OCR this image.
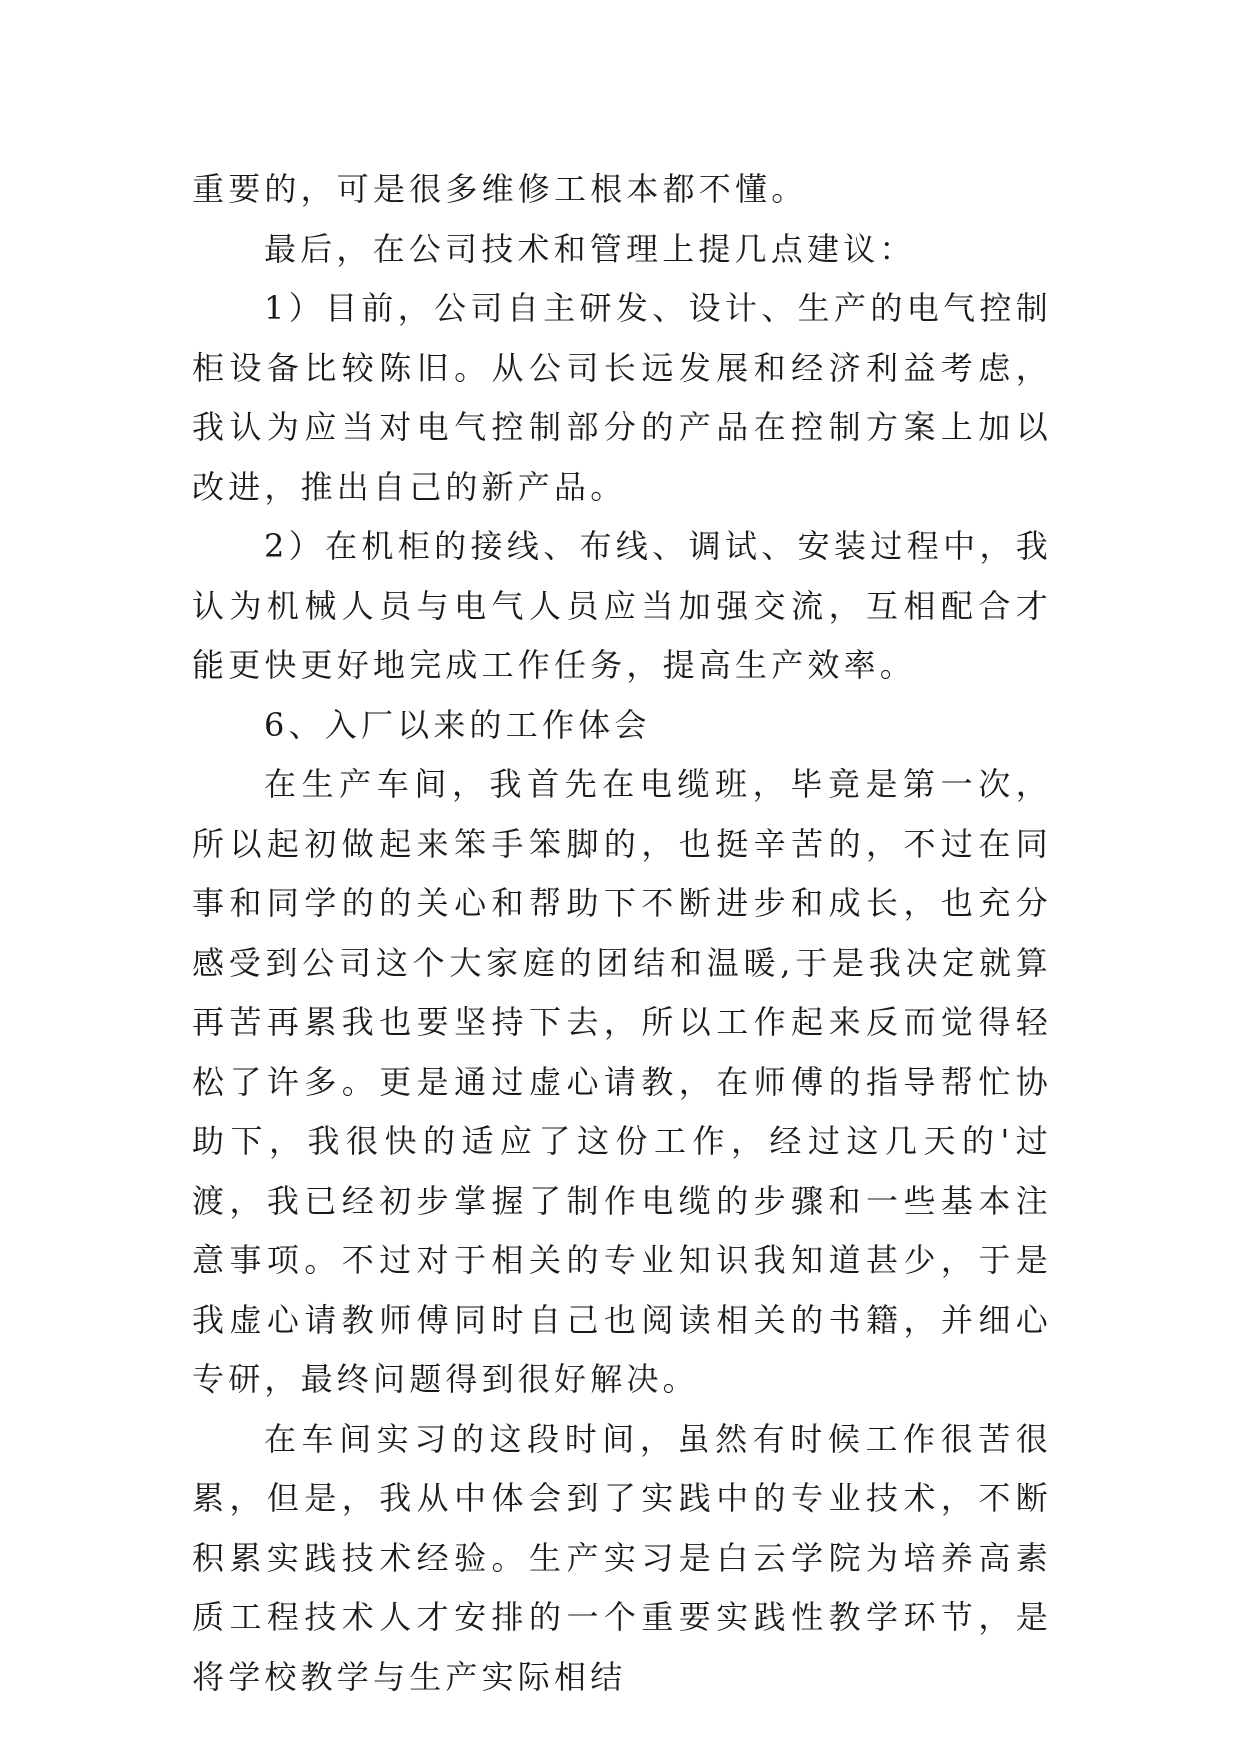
重要的，可是很多维修工根本都不懂。

最后，在公司技术和管理上提几点建议：

1）目前，公司自主研发、设计、生产的电气控制柜设备比较陈旧。从公司长远发展和经济利益考虑，我认为应当对电气控制部分的产品在控制方案上加以改进，推出自己的新产品。

2）在机柜的接线、布线、调试、安装过程中，我认为机械人员与电气人员应当加强交流，互相配合才能更快更好地完成工作任务，提高生产效率。

6、入厂以来的工作体会

在生产车间，我首先在电缆班，毕竟是第一次，所以起初做起来笨手笨脚的，也挺辛苦的，不过在同事和同学的的关心和帮助下不断进步和成长，也充分感受到公司这个大家庭的团结和温暖,于是我决定就算再苦再累我也要坚持下去，所以工作起来反而觉得轻松了许多。更是通过虚心请教，在师傅的指导帮忙协助下，我很快的适应了这份工作，经过这几天的'过渡，我已经初步掌握了制作电缆的步骤和一些基本注意事项。不过对于相关的专业知识我知道甚少，于是我虚心请教师傅同时自己也阅读相关的书籍，并细心专研，最终问题得到很好解决。

在车间实习的这段时间，虽然有时候工作很苦很累，但是，我从中体会到了实践中的专业技术，不断积累实践技术经验。生产实习是白云学院为培养高素质工程技术人才安排的一个重要实践性教学环节，是将学校教学与生产实际相结
